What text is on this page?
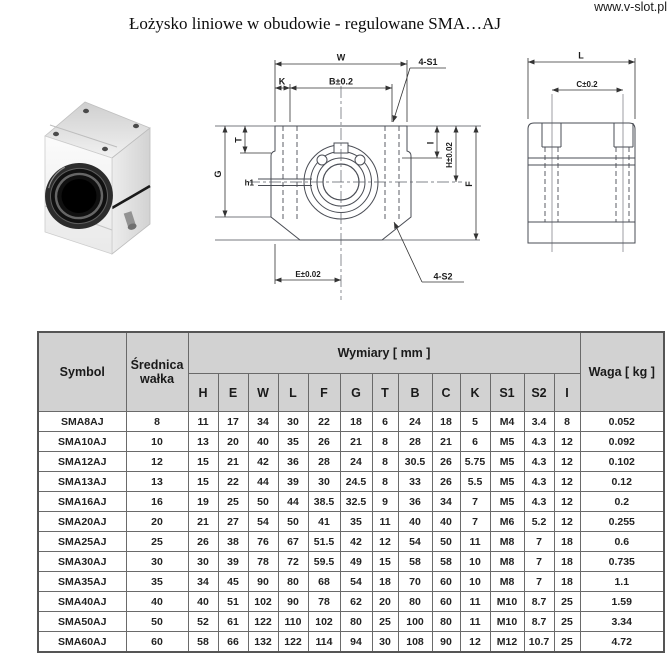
www.v-slot.pl
Łożysko liniowe w obudowie - regulowane SMA…AJ
W
K	B±0.2
4-S1
T
G
h1
I H±0.02
F
E±0.02	4-S2
L
C±0.2
Symbol	Średnica wałka	Wymiary [ mm ]													Waga [ kg ]
		H	E	W	L	F	G	T	B	C	K	S1	S2	I	
SMA8AJ	8	11	17	34	30	22	18	6	24	18	5	M4	3.4	8	0.052
SMA10AJ	10	13	20	40	35	26	21	8	28	21	6	M5	4.3	12	0.092
SMA12AJ	12	15	21	42	36	28	24	8	30.5	26	5.75	M5	4.3	12	0.102
SMA13AJ	13	15	22	44	39	30	24.5	8	33	26	5.5	M5	4.3	12	0.12
SMA16AJ	16	19	25	50	44	38.5	32.5	9	36	34	7	M5	4.3	12	0.2
SMA20AJ	20	21	27	54	50	41	35	11	40	40	7	M6	5.2	12	0.255
SMA25AJ	25	26	38	76	67	51.5	42	12	54	50	11	M8	7	18	0.6
SMA30AJ	30	30	39	78	72	59.5	49	15	58	58	10	M8	7	18	0.735
SMA35AJ	35	34	45	90	80	68	54	18	70	60	10	M8	7	18	1.1
SMA40AJ	40	40	51	102	90	78	62	20	80	60	11	M10	8.7	25	1.59
SMA50AJ	50	52	61	122	110	102	80	25	100	80	11	M10	8.7	25	3.34
SMA60AJ	60	58	66	132	122	114	94	30	108	90	12	M12	10.7	25	4.72
